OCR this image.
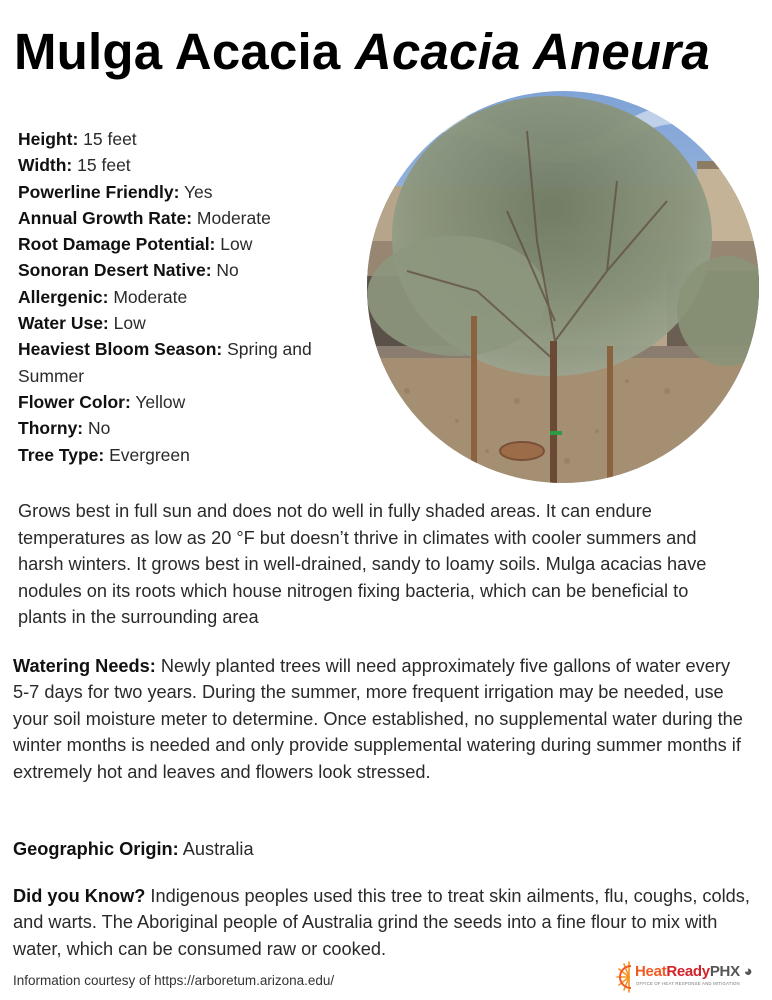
Mulga Acacia Acacia Aneura

Height: 15 feet

Width: 15 feet

Powerline Friendly: Yes

Annual Growth Rate: Moderate

Root Damage Potential: Low

Sonoran Desert Native: No

Allergenic: Moderate

Water Use: Low

Heaviest Bloom Season: Spring and Summer

Flower Color: Yellow

Thorny: No

Tree Type: Evergreen

Grows best in full sun and does not do well in fully shaded areas. It can endure temperatures as low as 20 °F but doesn’t thrive in climates with cooler summers and harsh winters. It grows best in well-drained, sandy to loamy soils. Mulga acacias have nodules on its roots which house nitrogen fixing bacteria, which can be beneficial to plants in the surrounding area

Watering Needs: Newly planted trees will need approximately five gallons of water every 5-7 days for two years. During the summer, more frequent irrigation may be needed, use your soil moisture meter to determine. Once established, no supplemental water during the winter months is needed and only provide supplemental watering during summer months if extremely hot and leaves and flowers look stressed.

Geographic Origin: Australia

Did you Know? Indigenous peoples used this tree to treat skin ailments, flu, coughs, colds, and warts. The Aboriginal people of Australia grind the seeds into a fine flour to mix with water, which can be consumed raw or cooked.

Information courtesy of https://arboretum.arizona.edu/
HeatReadyPHX ◕
OFFICE OF HEAT RESPONSE AND MITIGATION
